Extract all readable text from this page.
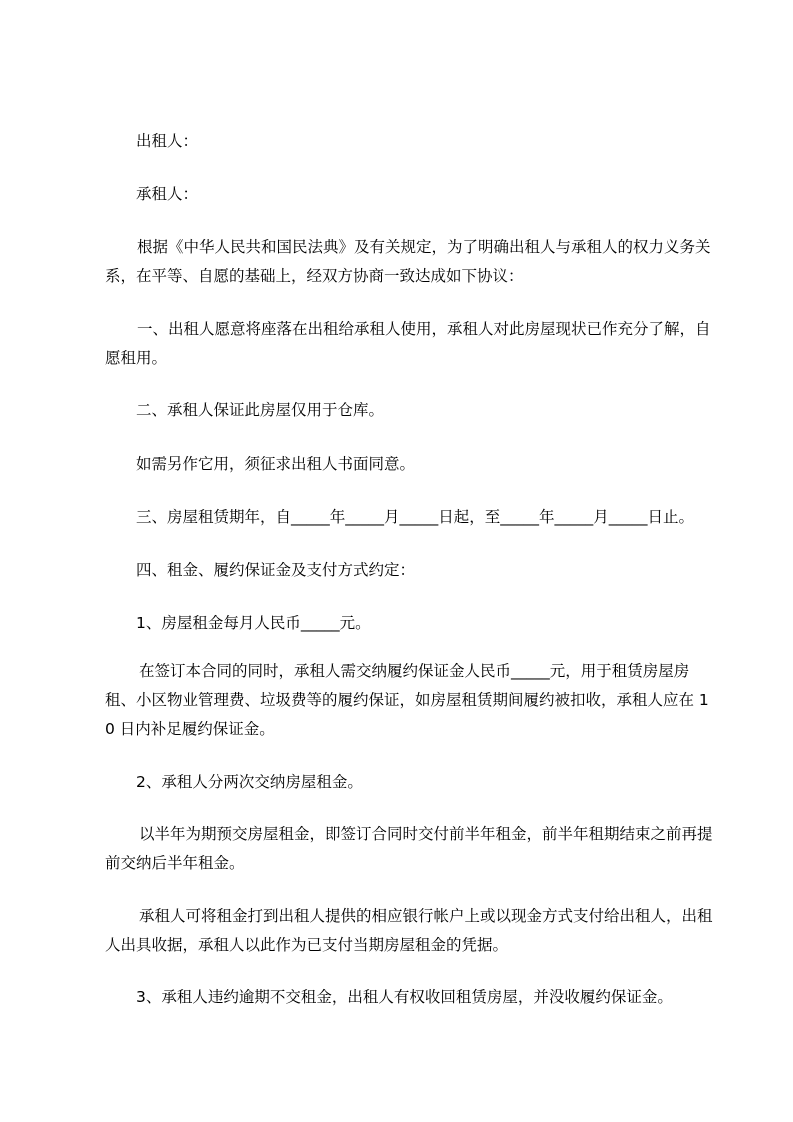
出租人：
承租人：
根据《中华人民共和国民法典》及有关规定，为了明确出租人与承租人的权力义务关系，在平等、自愿的基础上，经双方协商一致达成如下协议：
一、出租人愿意将座落在出租给承租人使用，承租人对此房屋现状已作充分了解，自愿租用。
二、承租人保证此房屋仅用于仓库。
如需另作它用，须征求出租人书面同意。
三、房屋租赁期年，自_____年_____月_____日起，至_____年_____月_____日止。
四、租金、履约保证金及支付方式约定：
1、房屋租金每月人民币_____元。
在签订本合同的同时，承租人需交纳履约保证金人民币_____元，用于租赁房屋房租、小区物业管理费、垃圾费等的履约保证，如房屋租赁期间履约被扣收，承租人应在 10 日内补足履约保证金。
2、承租人分两次交纳房屋租金。
以半年为期预交房屋租金，即签订合同时交付前半年租金，前半年租期结束之前再提前交纳后半年租金。
承租人可将租金打到出租人提供的相应银行帐户上或以现金方式支付给出租人，出租人出具收据，承租人以此作为已支付当期房屋租金的凭据。
3、承租人违约逾期不交租金，出租人有权收回租赁房屋，并没收履约保证金。
